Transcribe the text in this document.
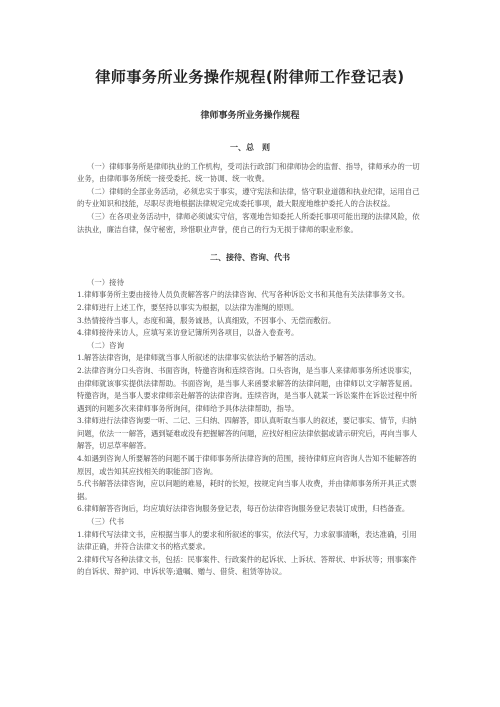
律师事务所业务操作规程(附律师工作登记表)
律师事务所业务操作规程
一、总　则

（一）律师事务所是律师执业的工作机构，受司法行政部门和律师协会的监督、指导，律师承办的一切业务，由律师事务所统一接受委托、统一协调、统一收费。

（二）律师的全部业务活动，必须忠实于事实，遵守宪法和法律，恪守职业道德和执业纪律，运用自己的专业知识和技能，尽职尽责地根据法律规定完成委托事项，最大限度地维护委托人的合法权益。

（三）在各项业务活动中，律师必须诚实守信，客观地告知委托人所委托事项可能出现的法律风险，依法执业，廉洁自律，保守秘密，珍惜职业声誉，使自己的行为无损于律师的职业形象。

二、接待、咨询、代书

（一）接待

1.律师事务所主要由接待人员负责解答客户的法律咨询、代写各种诉讼文书和其他有关法律事务文书。

2.律师进行上述工作，要坚持以事实为根据，以法律为准绳的原则。

3.热情接待当事人，态度和蔼，服务诚恳，认真细致，不因事小、无偿而敷衍。

4.律师接待来访人，应填写来访登记簿所列各项目，以备入卷查考。

（二）咨询

1.解答法律咨询，是律师就当事人所叙述的法律事实依法给予解答的活动。

2.法律咨询分口头咨询、书面咨询，特邀咨询和连续咨询。口头咨询，是当事人来律师事务所述说事实，由律师就该事实提供法律帮助。书面咨询，是当事人来函要求解答的法律问题，由律师以文字解答复函。特邀咨询，是当事人要求律师亲赴解答的法律咨询。连续咨询，是当事人就某一诉讼案件在诉讼过程中所遇到的问题多次来律师事务所询问，律师给予具体法律帮助，指导。

3.律师进行法律咨询要一听、二记、三归纳、四解答，即认真听取当事人的叙述，要记事实、情节，归纳问题，依法一一解答，遇到疑难或没有把握解答的问题，应找好相应法律依据或请示研究后，再向当事人解答，切忌草率解答。

4.如遇到咨询人所要解答的问题不属于律师事务所法律咨询的范围，接待律师应向咨询人告知不能解答的原因，或告知其应找相关的职能部门咨询。

5.代书解答法律咨询，应以问题的难易，耗时的长短，按规定向当事人收费，并由律师事务所开具正式票据。

6.律师解答咨询后，均应填好法律咨询服务登记表，每百份法律咨询服务登记表装订成册，归档备查。

（三）代书

1.律师代写法律文书，应根据当事人的要求和所叙述的事实，依法代写，力求叙事清晰，表达准确，引用法律正确，并符合法律文书的格式要求。

2.律师代写各种法律文书，包括：民事案件、行政案件的起诉状、上诉状、答辩状、申诉状等；刑事案件的自诉状、辩护词、申诉状等;遗嘱、赠与、借贷、租赁等协议。
